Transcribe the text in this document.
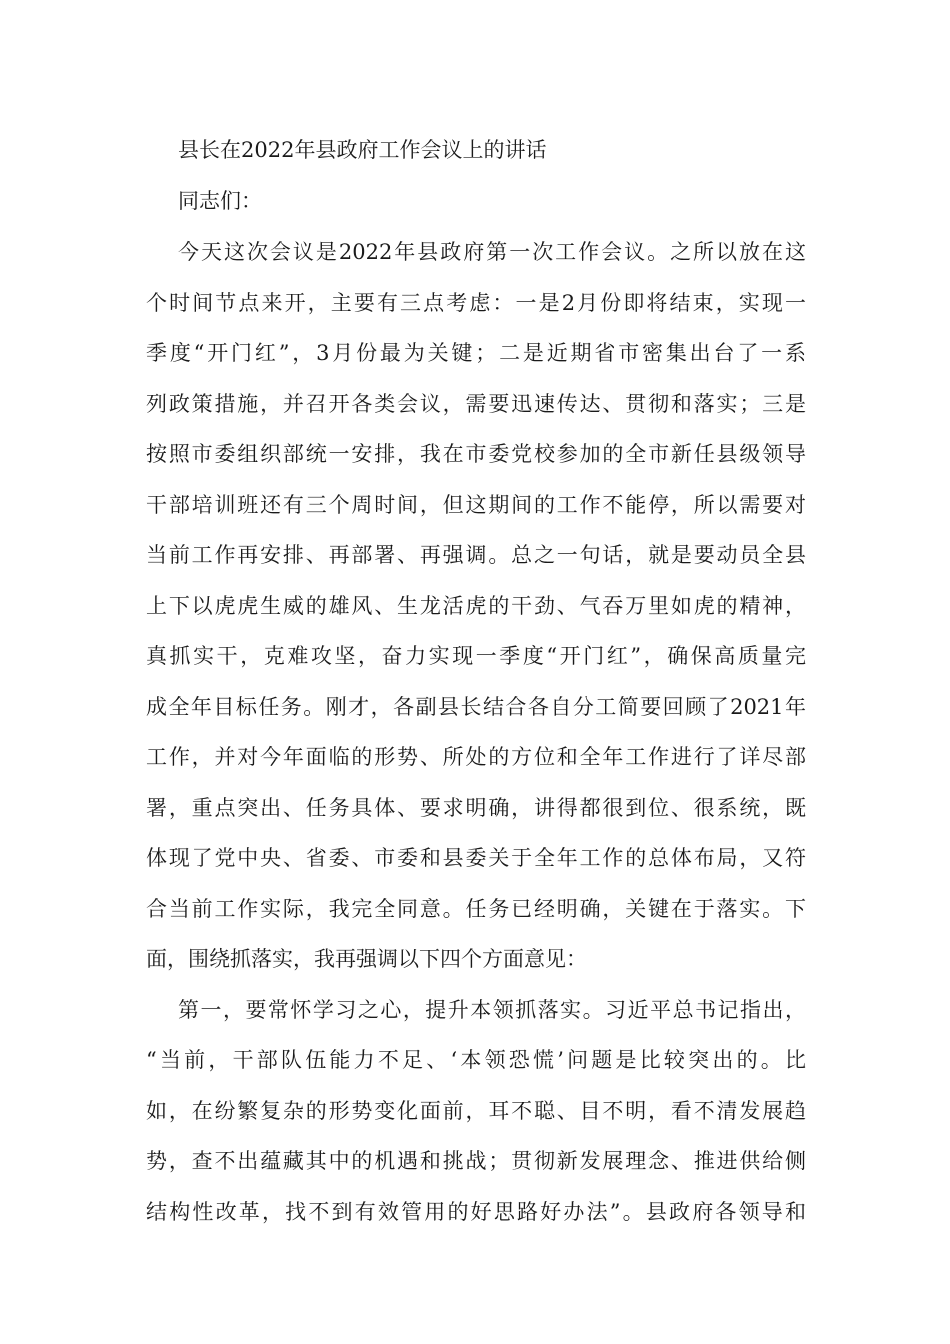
县长在2022年县政府工作会议上的讲话

同志们：

今天这次会议是2022年县政府第一次工作会议。之所以放在这
个时间节点来开，主要有三点考虑：一是2月份即将结束，实现一
季度“开门红”，3月份最为关键；二是近期省市密集出台了一系
列政策措施，并召开各类会议，需要迅速传达、贯彻和落实；三是
按照市委组织部统一安排，我在市委党校参加的全市新任县级领导
干部培训班还有三个周时间，但这期间的工作不能停，所以需要对
当前工作再安排、再部署、再强调。总之一句话，就是要动员全县
上下以虎虎生威的雄风、生龙活虎的干劲、气吞万里如虎的精神，
真抓实干，克难攻坚，奋力实现一季度“开门红”，确保高质量完
成全年目标任务。刚才，各副县长结合各自分工简要回顾了2021年
工作，并对今年面临的形势、所处的方位和全年工作进行了详尽部
署，重点突出、任务具体、要求明确，讲得都很到位、很系统，既
体现了党中央、省委、市委和县委关于全年工作的总体布局，又符
合当前工作实际，我完全同意。任务已经明确，关键在于落实。下
面，围绕抓落实，我再强调以下四个方面意见：
第一，要常怀学习之心，提升本领抓落实。习近平总书记指出，
“当前，干部队伍能力不足、‘本领恐慌’问题是比较突出的。比
如，在纷繁复杂的形势变化面前，耳不聪、目不明，看不清发展趋
势，查不出蕴藏其中的机遇和挑战；贯彻新发展理念、推进供给侧
结构性改革，找不到有效管用的好思路好办法”。县政府各领导和
